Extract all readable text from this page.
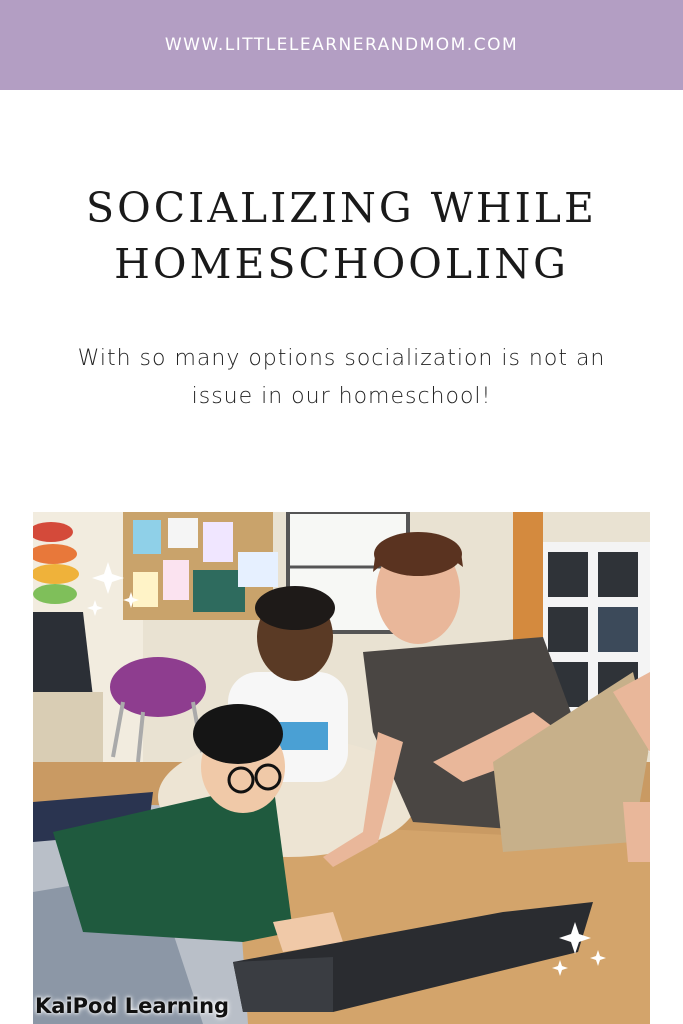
WWW.LITTLELEARNERANDMOM.COM
SOCIALIZING WHILE
HOMESCHOOLING

With so many options socialization is not an
issue in our homeschool!

KaiPod Learning
